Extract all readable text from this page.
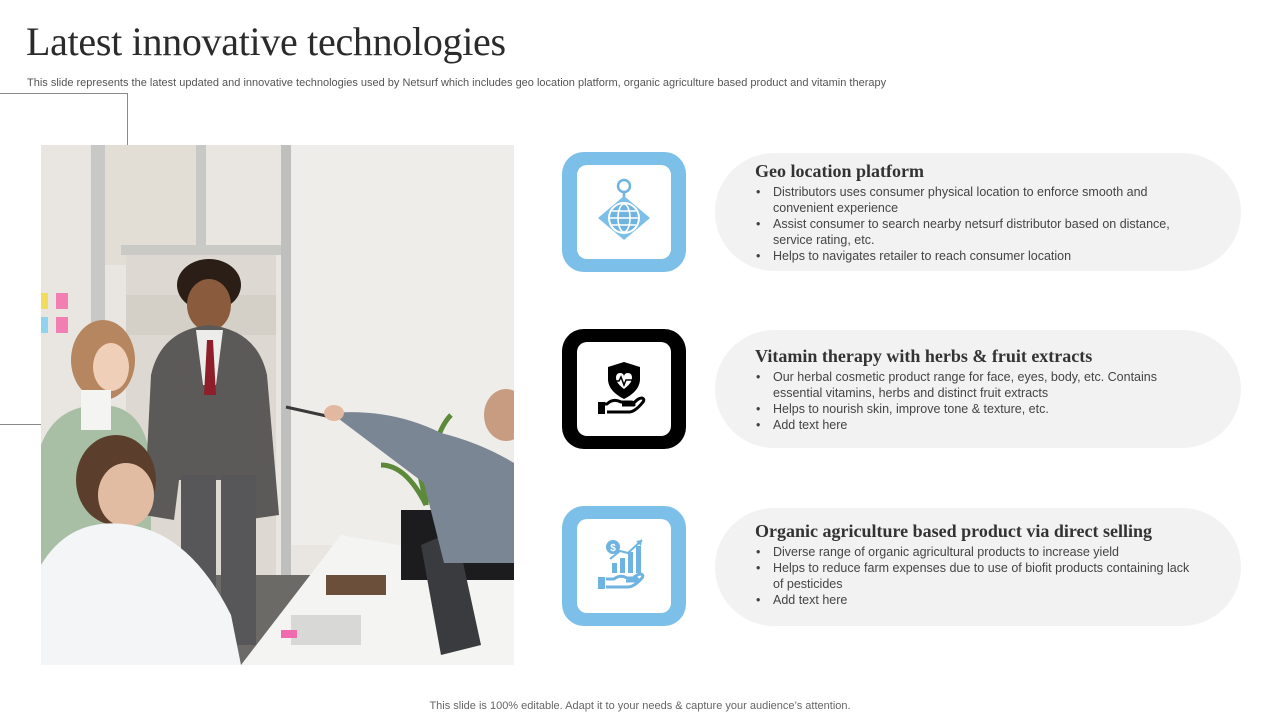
Latest innovative technologies

This slide represents the latest updated and innovative technologies used by Netsurf which includes geo location platform, organic agriculture based product and vitamin therapy

Geo location platform
• Distributors uses consumer physical location to enforce smooth and convenient experience
• Assist consumer to search nearby netsurf distributor based on distance, service rating, etc.
• Helps to navigates retailer to reach consumer location
Vitamin therapy with herbs & fruit extracts
• Our herbal cosmetic product range for face, eyes, body, etc. Contains essential vitamins, herbs and distinct fruit extracts
• Helps to nourish skin, improve tone & texture, etc.
• Add text here
$
Organic agriculture based product via direct selling
• Diverse range of organic agricultural products to increase yield
• Helps to reduce farm expenses due to use of biofit products containing lack of pesticides
• Add text here
This slide is 100% editable. Adapt it to your needs & capture your audience’s attention.
